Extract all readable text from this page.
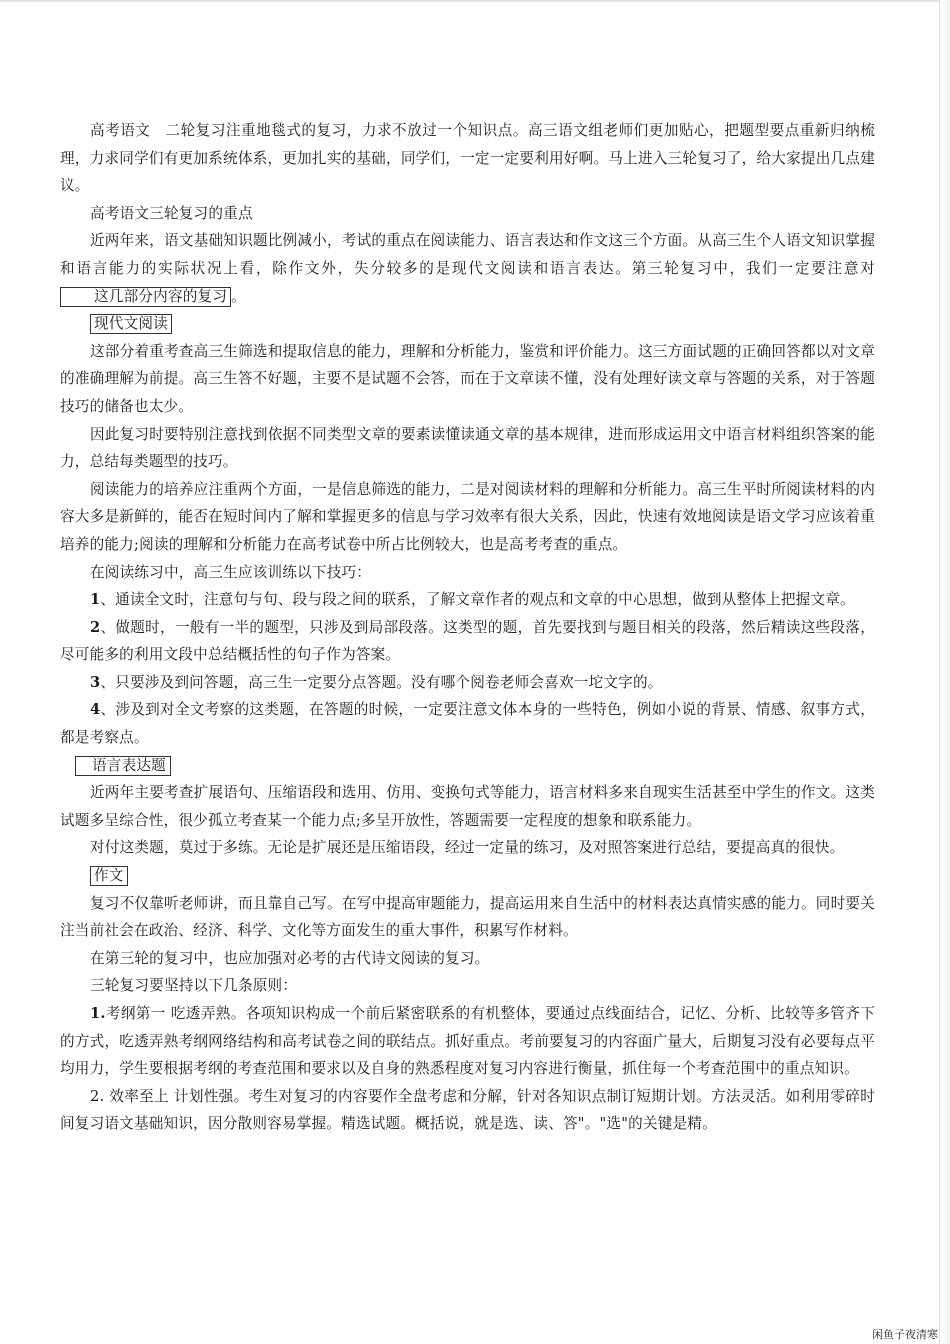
高考语文　二轮复习注重地毯式的复习，力求不放过一个知识点。高三语文组老师们更加贴心，把题型要点重新归纳梳理，力求同学们有更加系统体系，更加扎实的基础，同学们，一定一定要利用好啊。马上进入三轮复习了，给大家提出几点建议。

高考语文三轮复习的重点

近两年来，语文基础知识题比例减小，考试的重点在阅读能力、语言表达和作文这三个方面。从高三生个人语文知识掌握和语言能力的实际状况上看，除作文外，失分较多的是现代文阅读和语言表达。第三轮复习中，我们一定要注意对这几部分内容的复习 。

现代文阅读

这部分着重考查高三生筛选和提取信息的能力，理解和分析能力，鉴赏和评价能力。这三方面试题的正确回答都以对文章的准确理解为前提。高三生答不好题，主要不是试题不会答，而在于文章读不懂，没有处理好读文章与答题的关系，对于答题技巧的储备也太少。

因此复习时要特别注意找到依据不同类型文章的要素读懂读通文章的基本规律，进而形成运用文中语言材料组织答案的能力，总结每类题型的技巧。

阅读能力的培养应注重两个方面，一是信息筛选的能力，二是对阅读材料的理解和分析能力。高三生平时所阅读材料的内容大多是新鲜的，能否在短时间内了解和掌握更多的信息与学习效率有很大关系，因此，快速有效地阅读是语文学习应该着重培养的能力;阅读的理解和分析能力在高考试卷中所占比例较大，也是高考考查的重点。

在阅读练习中，高三生应该训练以下技巧：

1、通读全文时，注意句与句、段与段之间的联系，了解文章作者的观点和文章的中心思想，做到从整体上把握文章。

2、做题时，一般有一半的题型，只涉及到局部段落。这类型的题，首先要找到与题目相关的段落，然后精读这些段落，尽可能多的利用文段中总结概括性的句子作为答案。

3、只要涉及到问答题，高三生一定要分点答题。没有哪个阅卷老师会喜欢一坨文字的。

4、涉及到对全文考察的这类题，在答题的时候，一定要注意文体本身的一些特色，例如小说的背景、情感、叙事方式，都是考察点。

语言表达题

近两年主要考查扩展语句、压缩语段和选用、仿用、变换句式等能力，语言材料多来自现实生活甚至中学生的作文。这类试题多呈综合性，很少孤立考查某一个能力点;多呈开放性，答题需要一定程度的想象和联系能力。

对付这类题，莫过于多练。无论是扩展还是压缩语段，经过一定量的练习，及对照答案进行总结，要提高真的很快。

作文

复习不仅靠听老师讲，而且靠自己写。在写中提高审题能力，提高运用来自生活中的材料表达真情实感的能力。同时要关注当前社会在政治、经济、科学、文化等方面发生的重大事件，积累写作材料。

在第三轮的复习中，也应加强对必考的古代诗文阅读的复习。

三轮复习要坚持以下几条原则：

1.考纲第一 吃透弄熟。各项知识构成一个前后紧密联系的有机整体，要通过点线面结合，记忆、分析、比较等多管齐下的方式，吃透弄熟考纲网络结构和高考试卷之间的联结点。抓好重点。考前要复习的内容面广量大，后期复习没有必要每点平均用力，学生要根据考纲的考查范围和要求以及自身的熟悉程度对复习内容进行衡量，抓住每一个考查范围中的重点知识。

2. 效率至上 计划性强。考生对复习的内容要作全盘考虑和分解，针对各知识点制订短期计划。方法灵活。如利用零碎时间复习语文基础知识，因分散则容易掌握。精选试题。概括说，就是选、读、答"。"选"的关键是精。

闲鱼子夜清寒
